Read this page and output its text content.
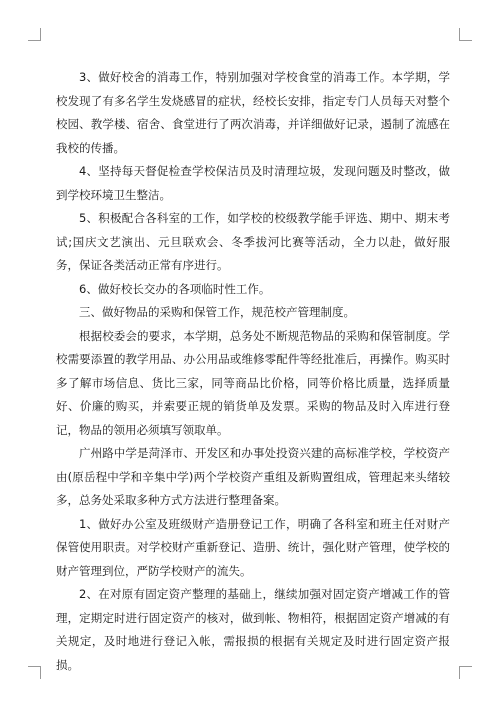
3、做好校舍的消毒工作，特别加强对学校食堂的消毒工作。本学期，学校发现了有多名学生发烧感冒的症状，经校长安排，指定专门人员每天对整个校园、教学楼、宿舍、食堂进行了两次消毒，并详细做好记录，遏制了流感在我校的传播。

4、坚持每天督促检查学校保洁员及时清理垃圾，发现问题及时整改，做到学校环境卫生整洁。

5、积极配合各科室的工作，如学校的校级教学能手评选、期中、期末考试;国庆文艺演出、元旦联欢会、冬季拔河比赛等活动，全力以赴，做好服务，保证各类活动正常有序进行。

6、做好校长交办的各项临时性工作。

三、做好物品的采购和保管工作，规范校产管理制度。

根据校委会的要求，本学期，总务处不断规范物品的采购和保管制度。学校需要添置的教学用品、办公用品或维修零配件等经批准后，再操作。购买时多了解市场信息、货比三家，同等商品比价格，同等价格比质量，选择质量好、价廉的购买，并索要正规的销货单及发票。采购的物品及时入库进行登记，物品的领用必须填写领取单。

广州路中学是菏泽市、开发区和办事处投资兴建的高标准学校，学校资产由(原岳程中学和辛集中学)两个学校资产重组及新购置组成，管理起来头绪较多，总务处采取多种方式方法进行整理备案。

1、做好办公室及班级财产造册登记工作，明确了各科室和班主任对财产保管使用职责。对学校财产重新登记、造册、统计，强化财产管理，使学校的财产管理到位，严防学校财产的流失。

2、在对原有固定资产整理的基础上，继续加强对固定资产增减工作的管理，定期定时进行固定资产的核对，做到帐、物相符，根据固定资产增减的有关规定，及时地进行登记入帐，需报损的根据有关规定及时进行固定资产报损。
